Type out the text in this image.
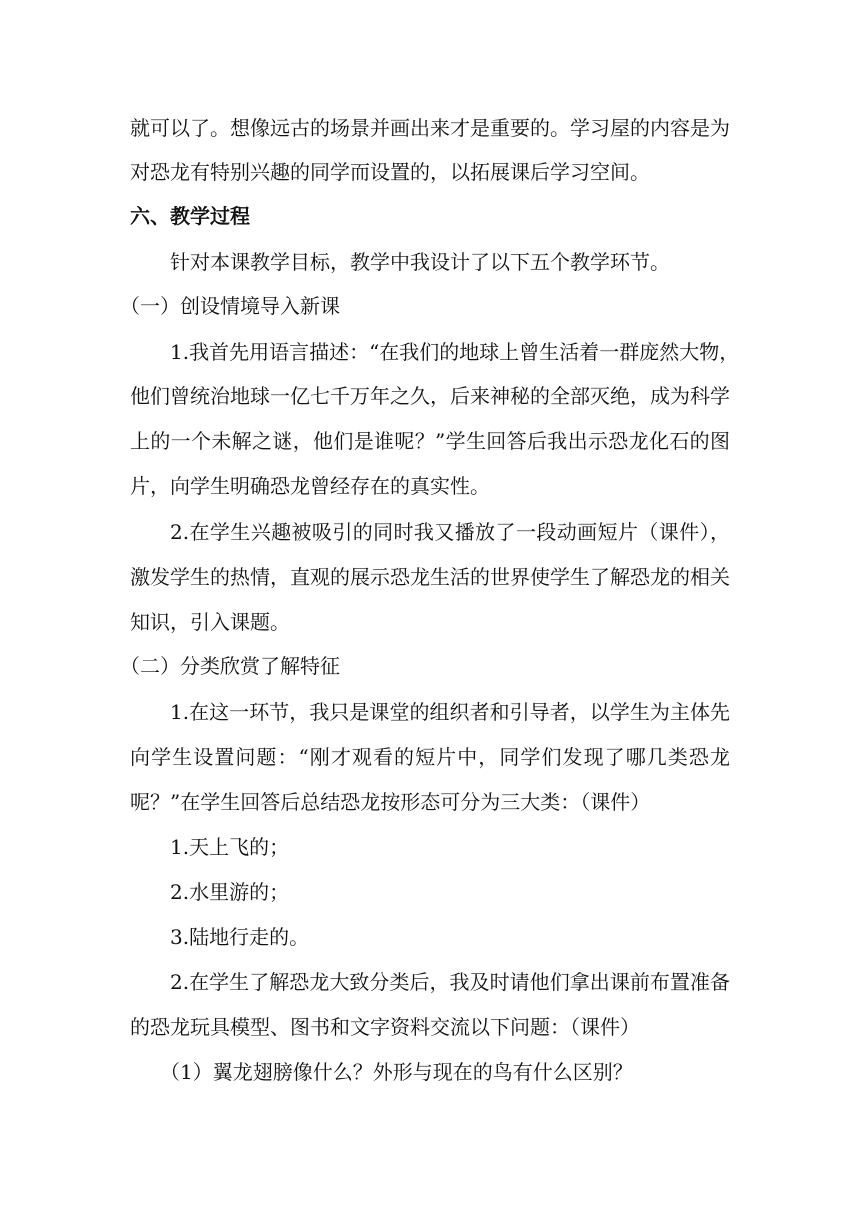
就可以了。想像远古的场景并画出来才是重要的。学习屋的内容是为
对恐龙有特别兴趣的同学而设置的，以拓展课后学习空间。
六、教学过程
针对本课教学目标，教学中我设计了以下五个教学环节。
（一）创设情境导入新课
1.我首先用语言描述：“在我们的地球上曾生活着一群庞然大物，
他们曾统治地球一亿七千万年之久，后来神秘的全部灭绝，成为科学
上的一个未解之谜，他们是谁呢？”学生回答后我出示恐龙化石的图
片，向学生明确恐龙曾经存在的真实性。
2.在学生兴趣被吸引的同时我又播放了一段动画短片（课件），
激发学生的热情，直观的展示恐龙生活的世界使学生了解恐龙的相关
知识，引入课题。
（二）分类欣赏了解特征
1.在这一环节，我只是课堂的组织者和引导者，以学生为主体先
向学生设置问题：“刚才观看的短片中，同学们发现了哪几类恐龙
呢？”在学生回答后总结恐龙按形态可分为三大类：（课件）
1.天上飞的；
2.水里游的；
3.陆地行走的。
2.在学生了解恐龙大致分类后，我及时请他们拿出课前布置准备
的恐龙玩具模型、图书和文字资料交流以下问题：（课件）
（1）翼龙翅膀像什么？外形与现在的鸟有什么区别？
